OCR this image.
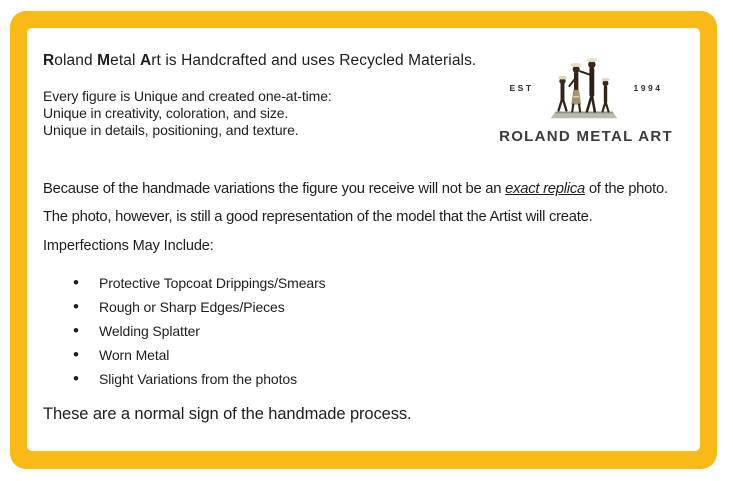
Roland Metal Art is Handcrafted and uses Recycled Materials.
Every figure is Unique and created one-at-time:
Unique in creativity, coloration, and size.
Unique in details, positioning, and texture.
EST	1994
ROLAND METAL ART
Because of the handmade variations the figure you receive will not be an exact replica of the photo. The photo, however, is still a good representation of the model that the Artist will create.
Imperfections May Include:
• Protective Topcoat Drippings/Smears
• Rough or Sharp Edges/Pieces
• Welding Splatter
• Worn Metal
• Slight Variations from the photos
These are a normal sign of the handmade process.
